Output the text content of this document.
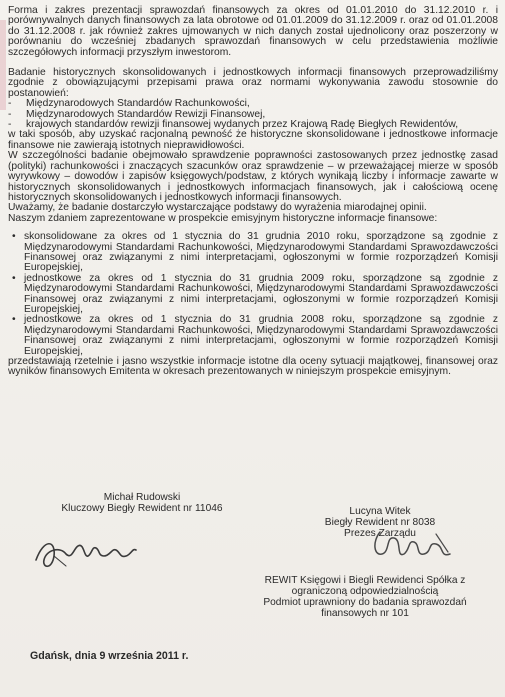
Forma i zakres prezentacji sprawozdań finansowych za okres od 01.01.2010 do 31.12.2010 r. i porównywalnych danych finansowych za lata obrotowe od 01.01.2009 do 31.12.2009 r. oraz od 01.01.2008 do 31.12.2008 r. jak również zakres ujmowanych w nich danych został ujednolicony oraz poszerzony w porównaniu do wcześniej zbadanych sprawozdań finansowych w celu przedstawienia możliwie szczegółowych informacji przyszłym inwestorom.

Badanie historycznych skonsolidowanych i jednostkowych informacji finansowych przeprowadziliśmy zgodnie z obowiązującymi przepisami prawa oraz normami wykonywania zawodu stosownie do postanowień:

- Międzynarodowych Standardów Rachunkowości,
- Międzynarodowych Standardów Rewizji Finansowej,
- krajowych standardów rewizji finansowej wydanych przez Krajową Radę Biegłych Rewidentów,

w taki sposób, aby uzyskać racjonalną pewność że historyczne skonsolidowane i jednostkowe informacje finansowe nie zawierają istotnych nieprawidłowości.

W szczególności badanie obejmowało sprawdzenie poprawności zastosowanych przez jednostkę zasad (polityki) rachunkowości i znaczących szacunków oraz sprawdzenie – w przeważającej mierze w sposób wyrywkowy – dowodów i zapisów księgowych/podstaw, z których wynikają liczby i informacje zawarte w historycznych skonsolidowanych i jednostkowych informacjach finansowych, jak i całościową ocenę historycznych skonsolidowanych i jednostkowych informacji finansowych.

Uważamy, że badanie dostarczyło wystarczające podstawy do wyrażenia miarodajnej opinii.

Naszym zdaniem zaprezentowane w prospekcie emisyjnym historyczne informacje finansowe:

• skonsolidowane za okres od 1 stycznia do 31 grudnia 2010 roku, sporządzone są zgodnie z Międzynarodowymi Standardami Rachunkowości, Międzynarodowymi Standardami Sprawozdawczości Finansowej oraz związanymi z nimi interpretacjami, ogłoszonymi w formie rozporządzeń Komisji Europejskiej,
• jednostkowe za okres od 1 stycznia do 31 grudnia 2009 roku, sporządzone są zgodnie z Międzynarodowymi Standardami Rachunkowości, Międzynarodowymi Standardami Sprawozdawczości Finansowej oraz związanymi z nimi interpretacjami, ogłoszonymi w formie rozporządzeń Komisji Europejskiej,
• jednostkowe za okres od 1 stycznia do 31 grudnia 2008 roku, sporządzone są zgodnie z Międzynarodowymi Standardami Rachunkowości, Międzynarodowymi Standardami Sprawozdawczości Finansowej oraz związanymi z nimi interpretacjami, ogłoszonymi w formie rozporządzeń Komisji Europejskiej,

przedstawiają rzetelnie i jasno wszystkie informacje istotne dla oceny sytuacji majątkowej, finansowej oraz wyników finansowych Emitenta w okresach prezentowanych w niniejszym prospekcie emisyjnym.

Michał Rudowski
Kluczowy Biegły Rewident nr 11046	Lucyna Witek
Biegły Rewident nr 8038
Prezes Zarządu
REWIT Księgowi i Biegli Rewidenci Spółka z
ograniczoną odpowiedzialnością
Podmiot uprawniony do badania sprawozdań
finansowych nr 101
Gdańsk, dnia 9 września 2011 r.
